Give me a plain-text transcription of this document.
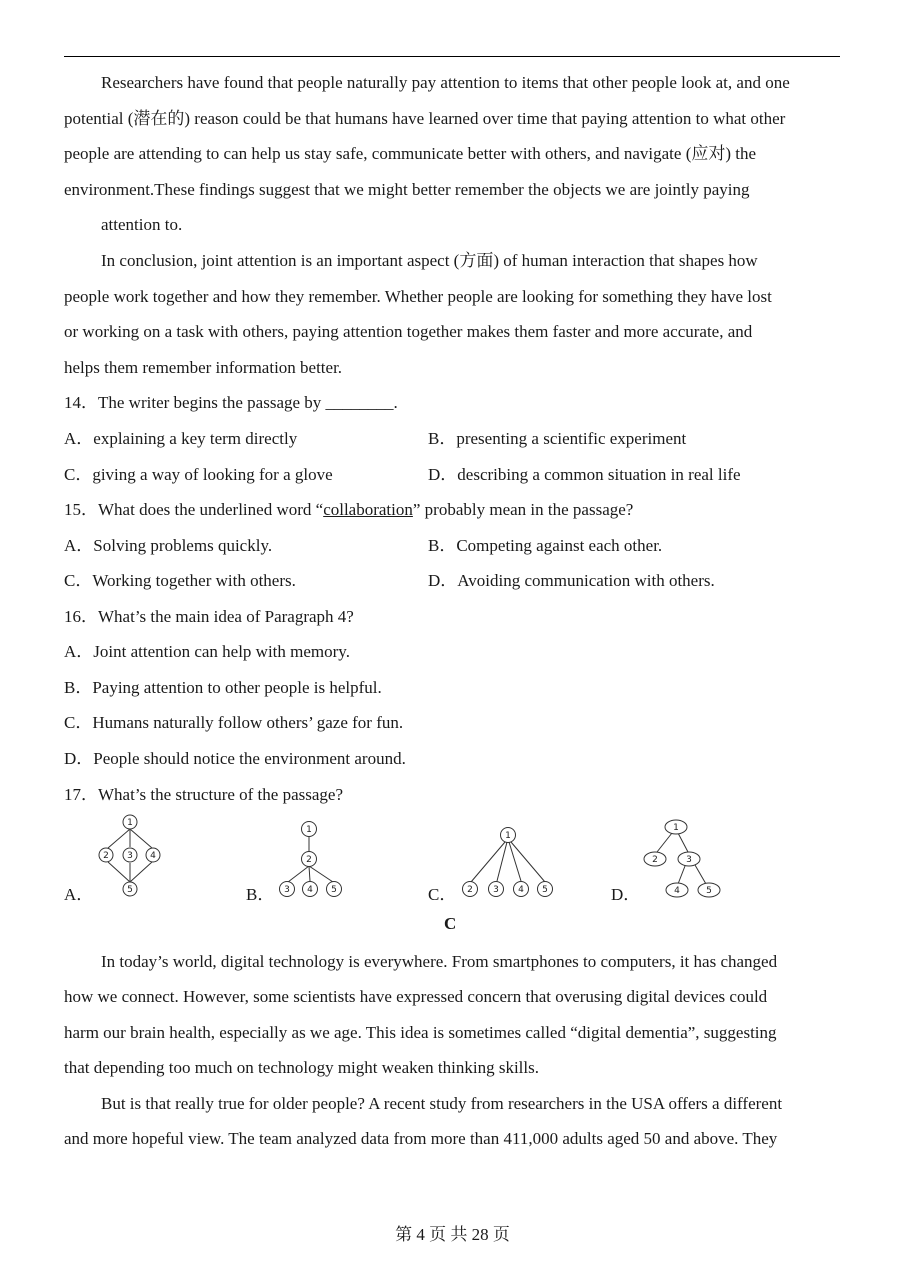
Researchers have found that people naturally pay attention to items that other people look at, and one
potential (潜在的) reason could be that humans have learned over time that paying attention to what other
people are attending to can help us stay safe, communicate better with others, and navigate (应对) the
environment.These findings suggest that we might better remember the objects we are jointly paying
attention to.
In conclusion, joint attention is an important aspect (方面) of human interaction that shapes how
people work together and how they remember. Whether people are looking for something they have lost
or working on a task with others, paying attention together makes them faster and more accurate, and
helps them remember information better.
14．The writer begins the passage by ________.
A．explaining a key term directly	B．presenting a scientific experiment
C．giving a way of looking for a glove	D．describing a common situation in real life
15．What does the underlined word “collaboration” probably mean in the passage?
A．Solving problems quickly.	B．Competing against each other.
C．Working together with others.	D．Avoiding communication with others.
16．What’s the main idea of Paragraph 4?
A．Joint attention can help with memory.
B．Paying attention to other people is helpful.
C．Humans naturally follow others’ gaze for fun.
D．People should notice the environment around.
17．What’s the structure of the passage?
A．
1
2 3 4
5	B．
1
2
3 4 5	C．
1
2 3 4 5	D．
1
2	3
4	5
C
In today’s world, digital technology is everywhere. From smartphones to computers, it has changed
how we connect. However, some scientists have expressed concern that overusing digital devices could
harm our brain health, especially as we age. This idea is sometimes called “digital dementia”, suggesting
that depending too much on technology might weaken thinking skills.
But is that really true for older people? A recent study from researchers in the USA offers a different
and more hopeful view. The team analyzed data from more than 411,000 adults aged 50 and above. They
第 4 页 共 28 页
